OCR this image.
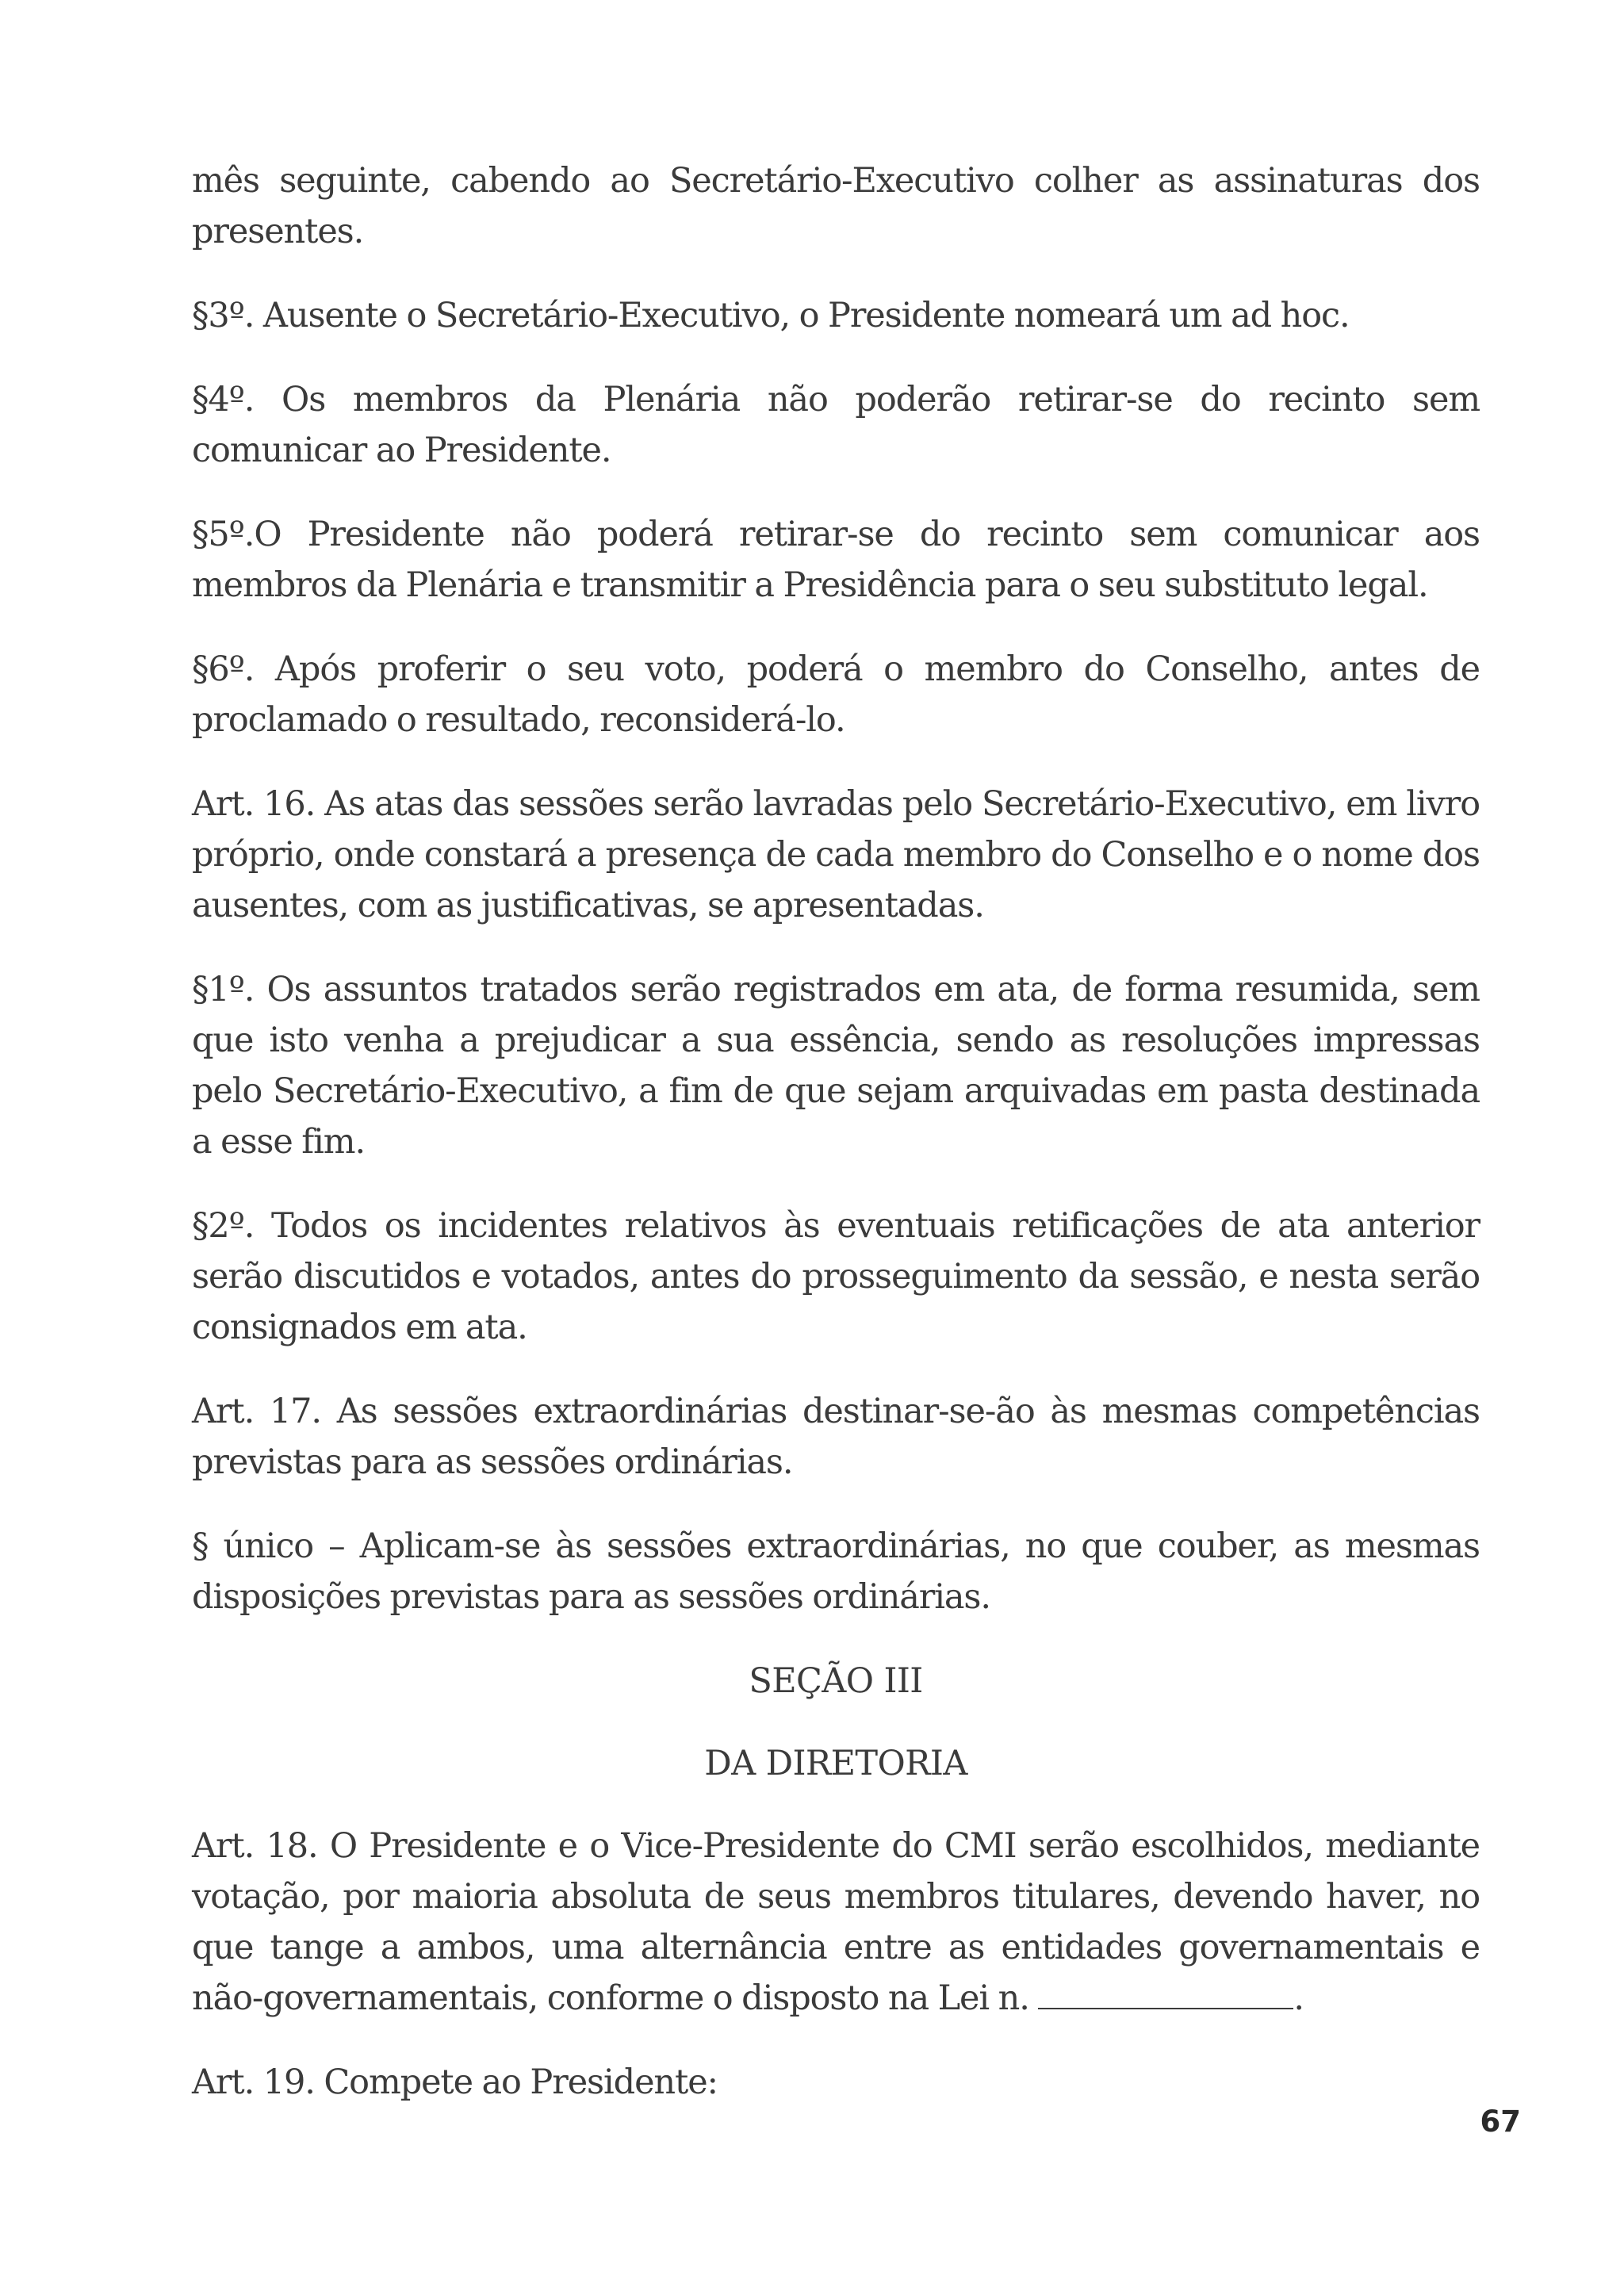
mês seguinte, cabendo ao Secretário-Executivo colher as assinaturas dos presentes.

§3º. Ausente o Secretário-Executivo, o Presidente nomeará um ad hoc.

§4º. Os membros da Plenária não poderão retirar-se do recinto sem comunicar ao Presidente.

§5º.O Presidente não poderá retirar-se do recinto sem comunicar aos membros da Plenária e transmitir a Presidência para o seu substituto legal.

§6º. Após proferir o seu voto, poderá o membro do Conselho, antes de proclamado o resultado, reconsiderá-lo.

Art. 16. As atas das sessões serão lavradas pelo Secretário-Executivo, em livro próprio, onde constará a presença de cada membro do Conselho e o nome dos ausentes, com as justificativas, se apresentadas.

§1º. Os assuntos tratados serão registrados em ata, de forma resumida, sem que isto venha a prejudicar a sua essência, sendo as resoluções impressas pelo Secretário-Executivo, a fim de que sejam arquivadas em pasta destinada a esse fim.

§2º. Todos os incidentes relativos às eventuais retificações de ata anterior serão discutidos e votados, antes do prosseguimento da sessão, e nesta serão consignados em ata.

Art. 17. As sessões extraordinárias destinar-se-ão às mesmas competências previstas para as sessões ordinárias.

§ único – Aplicam-se às sessões extraordinárias, no que couber, as mesmas disposições previstas para as sessões ordinárias.

SEÇÃO III

DA DIRETORIA

Art. 18. O Presidente e o Vice-Presidente do CMI serão escolhidos, mediante votação, por maioria absoluta de seus membros titulares, devendo haver, no que tange a ambos, uma alternância entre as entidades governamentais e não-governamentais, conforme o disposto na Lei n.	.

Art. 19. Compete ao Presidente:

67
